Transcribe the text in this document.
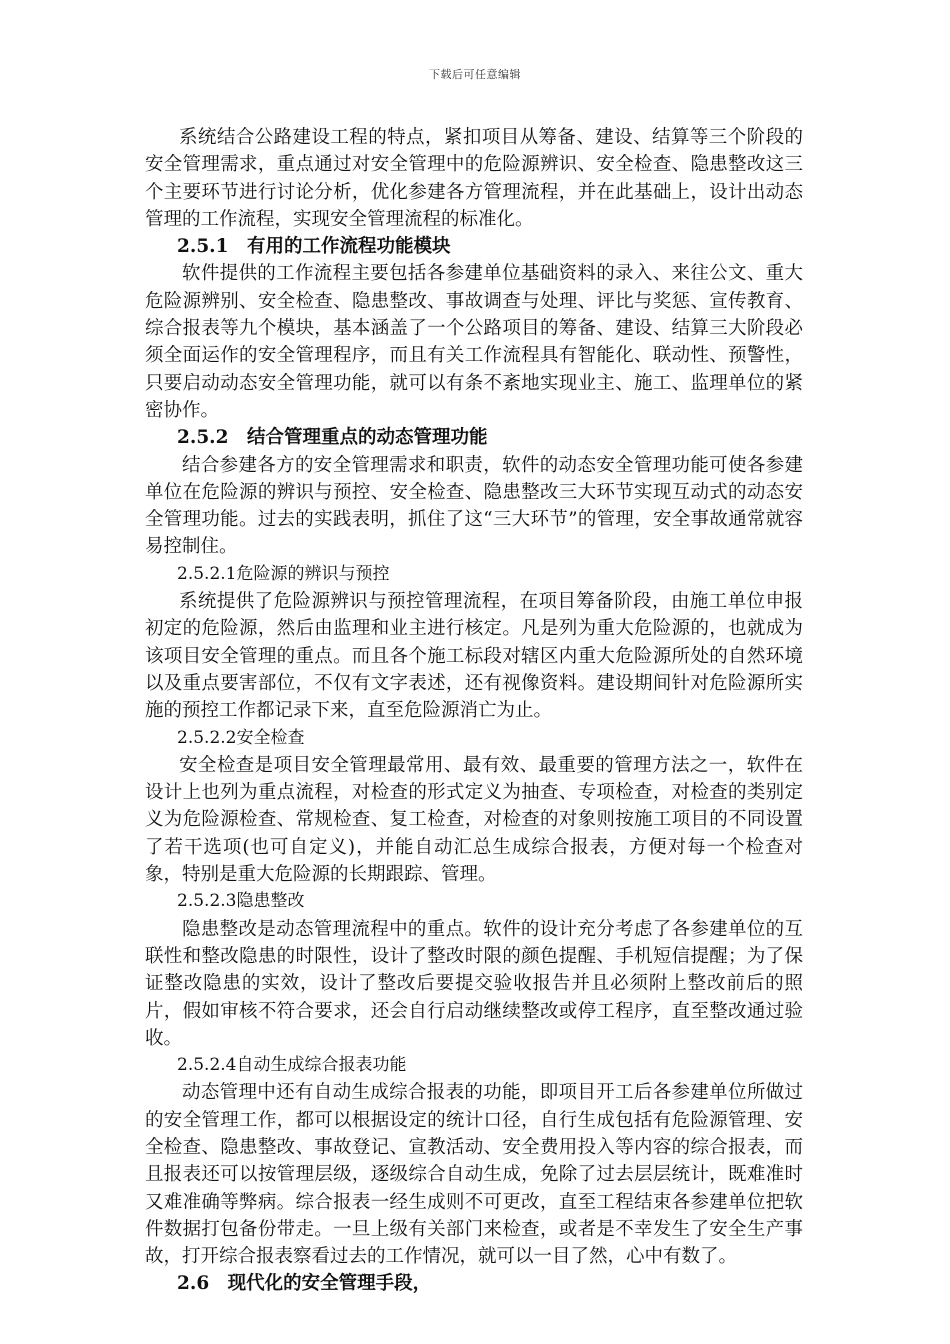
下载后可任意编辑

系统结合公路建设工程的特点，紧扣项目从筹备、建设、结算等三个阶段的安全管理需求，重点通过对安全管理中的危险源辨识、安全检查、隐患整改这三个主要环节进行讨论分析，优化参建各方管理流程，并在此基础上，设计出动态管理的工作流程，实现安全管理流程的标准化。

2.5.1　有用的工作流程功能模块

软件提供的工作流程主要包括各参建单位基础资料的录入、来往公文、重大危险源辨别、安全检查、隐患整改、事故调查与处理、评比与奖惩、宣传教育、综合报表等九个模块，基本涵盖了一个公路项目的筹备、建设、结算三大阶段必须全面运作的安全管理程序，而且有关工作流程具有智能化、联动性、预警性，只要启动动态安全管理功能，就可以有条不紊地实现业主、施工、监理单位的紧密协作。

2.5.2　结合管理重点的动态管理功能

结合参建各方的安全管理需求和职责，软件的动态安全管理功能可使各参建单位在危险源的辨识与预控、安全检查、隐患整改三大环节实现互动式的动态安全管理功能。过去的实践表明，抓住了这“三大环节”的管理，安全事故通常就容易控制住。

2.5.2.1危险源的辨识与预控

系统提供了危险源辨识与预控管理流程，在项目筹备阶段，由施工单位申报初定的危险源，然后由监理和业主进行核定。凡是列为重大危险源的，也就成为该项目安全管理的重点。而且各个施工标段对辖区内重大危险源所处的自然环境以及重点要害部位，不仅有文字表述，还有视像资料。建设期间针对危险源所实施的预控工作都记录下来，直至危险源消亡为止。

2.5.2.2安全检查

安全检查是项目安全管理最常用、最有效、最重要的管理方法之一，软件在设计上也列为重点流程，对检查的形式定义为抽查、专项检查，对检查的类别定义为危险源检查、常规检查、复工检查，对检查的对象则按施工项目的不同设置了若干选项(也可自定义)，并能自动汇总生成综合报表，方便对每一个检查对象，特别是重大危险源的长期跟踪、管理。

2.5.2.3隐患整改

隐患整改是动态管理流程中的重点。软件的设计充分考虑了各参建单位的互联性和整改隐患的时限性，设计了整改时限的颜色提醒、手机短信提醒；为了保证整改隐患的实效，设计了整改后要提交验收报告并且必须附上整改前后的照片，假如审核不符合要求，还会自行启动继续整改或停工程序，直至整改通过验收。

2.5.2.4自动生成综合报表功能

动态管理中还有自动生成综合报表的功能，即项目开工后各参建单位所做过的安全管理工作，都可以根据设定的统计口径，自行生成包括有危险源管理、安全检查、隐患整改、事故登记、宣教活动、安全费用投入等内容的综合报表，而且报表还可以按管理层级，逐级综合自动生成，免除了过去层层统计，既难准时又难准确等弊病。综合报表一经生成则不可更改，直至工程结束各参建单位把软件数据打包备份带走。一旦上级有关部门来检查，或者是不幸发生了安全生产事故，打开综合报表察看过去的工作情况，就可以一目了然，心中有数了。

2.6　现代化的安全管理手段，
